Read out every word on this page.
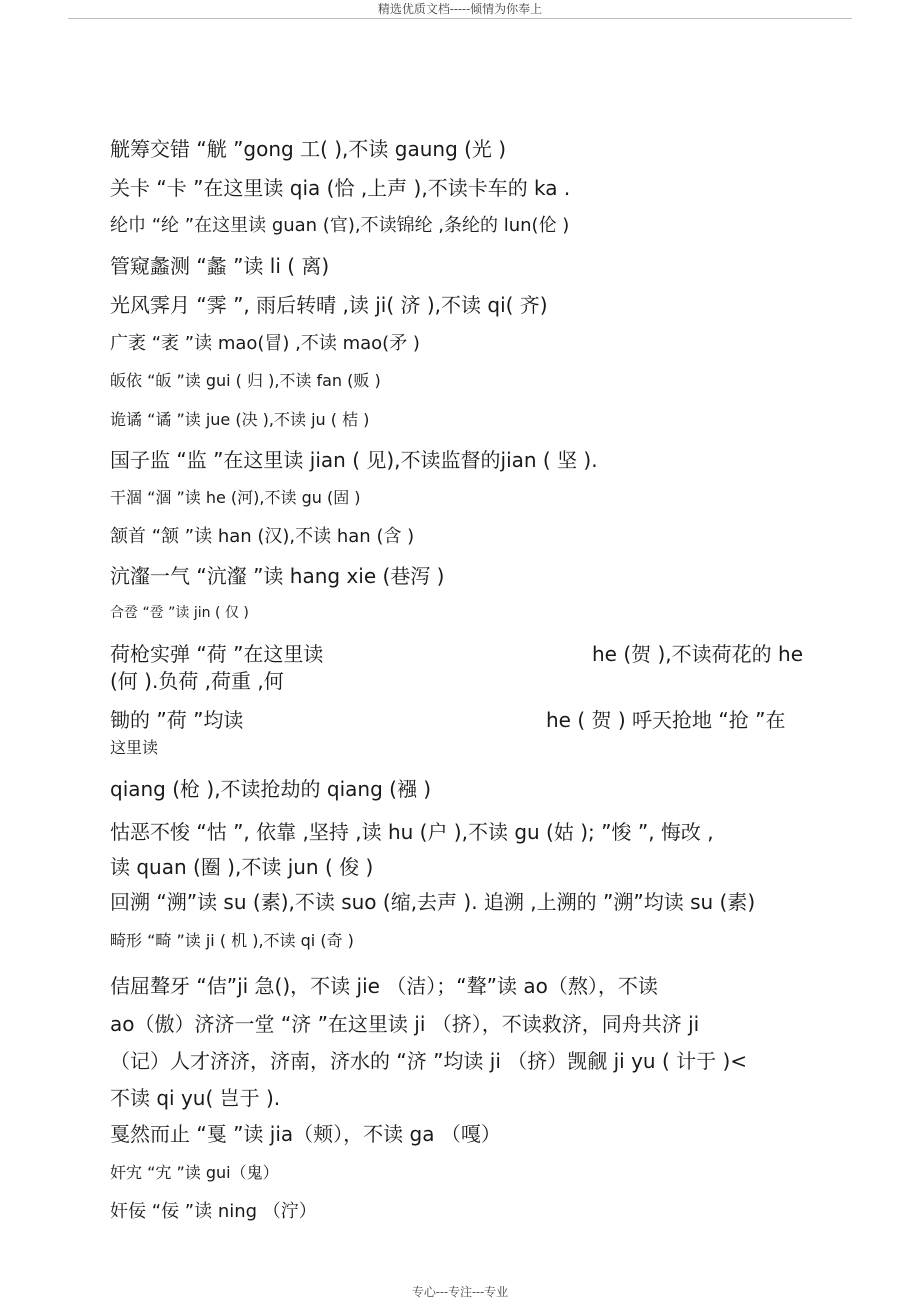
精选优质文档-----倾情为你奉上
觥筹交错 “觥 ”gong 工( ),不读 gaung (光 )
关卡 “卡 ”在这里读 qia (恰 ,上声 ),不读卡车的 ka .
纶巾 “纶 ”在这里读 guan (官),不读锦纶 ,条纶的 lun(伦 )
管窥蠡测 “蠡 ”读 li ( 离)
光风霁月 “霁 ”, 雨后转晴 ,读 ji( 济 ),不读 qi( 齐)
广袤 “袤 ”读 mao(冒) ,不读 mao(矛 )
皈依 “皈 ”读 gui ( 归 ),不读 fan (贩 )
诡谲 “谲 ”读 jue (决 ),不读 ju ( 桔 )
国子监 “监 ”在这里读 jian ( 见),不读监督的jian ( 坚 ).
干涸 “涸 ”读 he (河),不读 gu (固 )
颔首 “颔 ”读 han (汉),不读 han (含 )
沆瀣一气 “沆瀣 ”读 hang xie (巷泻 )
合卺 “卺 ”读 jin ( 仅 )
荷枪实弹 “荷 ”在这里读	he (贺 ),不读荷花的 he
(何 ).负荷 ,荷重 ,何
锄的 ”荷 ”均读	he ( 贺 ) 呼天抢地 “抢 ”在
这里读
qiang (枪 ),不读抢劫的 qiang (襁 )
怙恶不悛 “怙 ”, 依靠 ,坚持 ,读 hu (户 ),不读 gu (姑 ); ”悛 ”, 悔改 ,
读 quan (圈 ),不读 jun ( 俊 )
回溯 “溯”读 su (素),不读 suo (缩,去声 ). 追溯 ,上溯的 ”溯”均读 su (素)
畸形 “畸 ”读 ji ( 机 ),不读 qi (奇 )
佶屈聱牙 “佶”ji 急()，不读 jie （洁）；“聱”读 ao（熬），不读
ao（傲）济济一堂 “济 ”在这里读 ji （挤），不读救济，同舟共济 ji
（记）人才济济，济南，济水的 “济 ”均读 ji （挤）觊觎 ji yu ( 计于 )<
不读 qi yu( 岂于 ).
戛然而止 “戛 ”读 jia（颊），不读 ga （嘎）
奸宄 “宄 ”读 gui（鬼）
奸佞 “佞 ”读 ning （泞）
专心---专注---专业
